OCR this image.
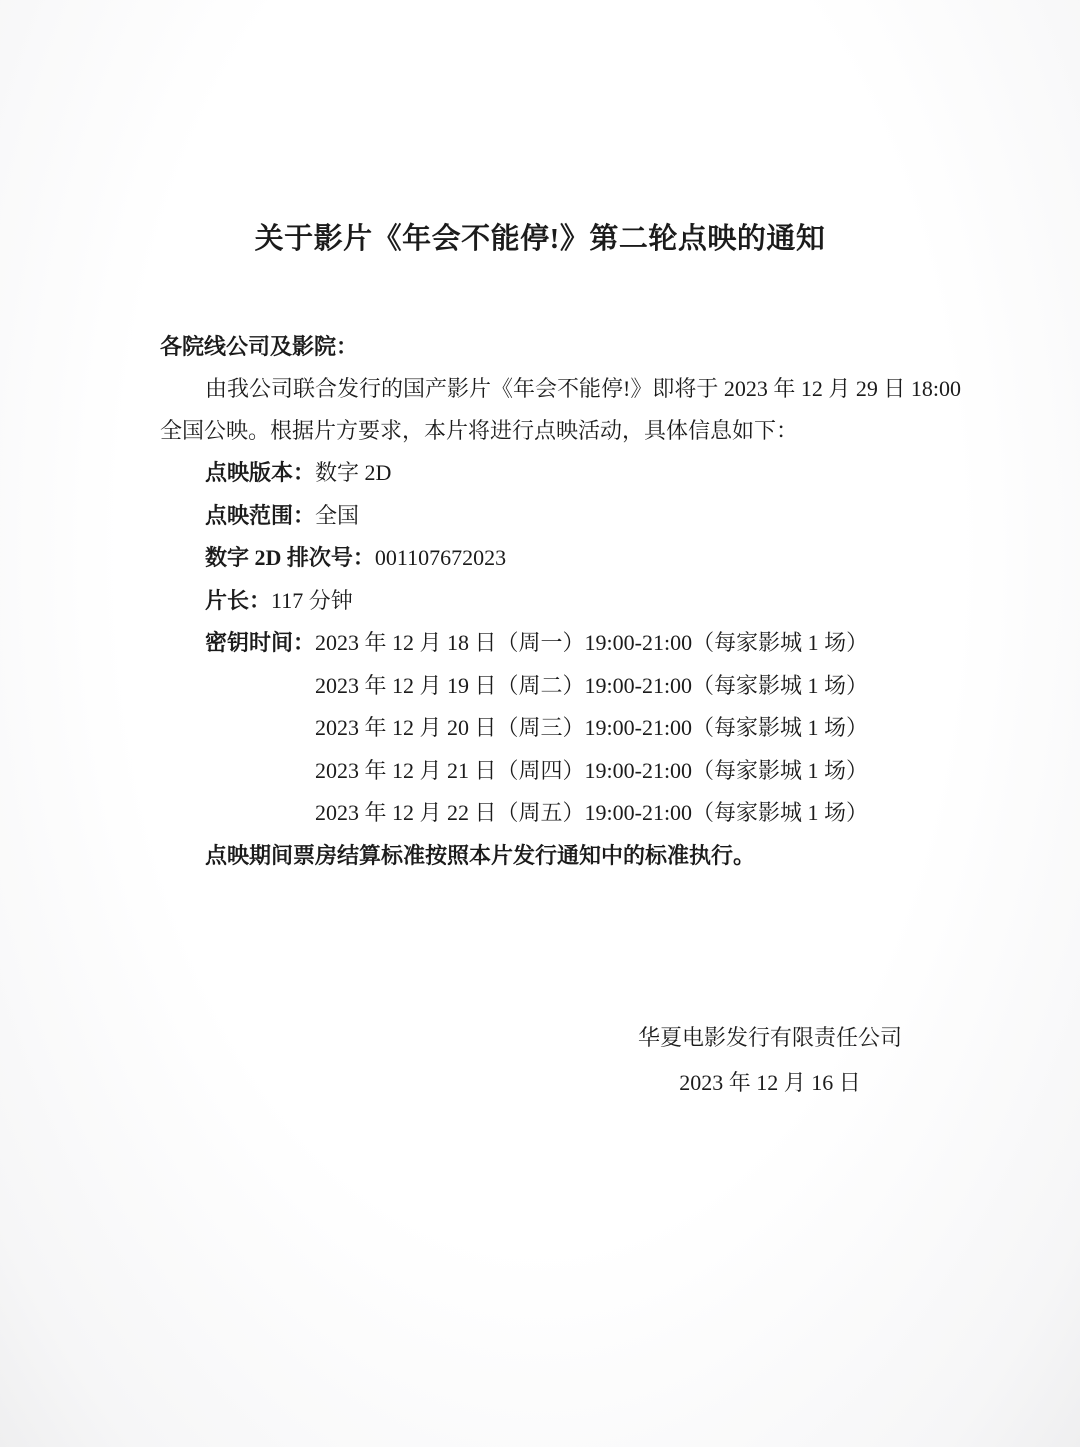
关于影片《年会不能停!》第二轮点映的通知
各院线公司及影院：
由我公司联合发行的国产影片《年会不能停!》即将于 2023 年 12 月 29 日 18:00
全国公映。根据片方要求，本片将进行点映活动，具体信息如下：
点映版本：数字 2D
点映范围：全国
数字 2D 排次号：001107672023
片长：117 分钟
密钥时间：2023 年 12 月 18 日（周一）19:00-21:00（每家影城 1 场）
2023 年 12 月 19 日（周二）19:00-21:00（每家影城 1 场）
2023 年 12 月 20 日（周三）19:00-21:00（每家影城 1 场）
2023 年 12 月 21 日（周四）19:00-21:00（每家影城 1 场）
2023 年 12 月 22 日（周五）19:00-21:00（每家影城 1 场）
点映期间票房结算标准按照本片发行通知中的标准执行。
华夏电影发行有限责任公司
2023 年 12 月 16 日
